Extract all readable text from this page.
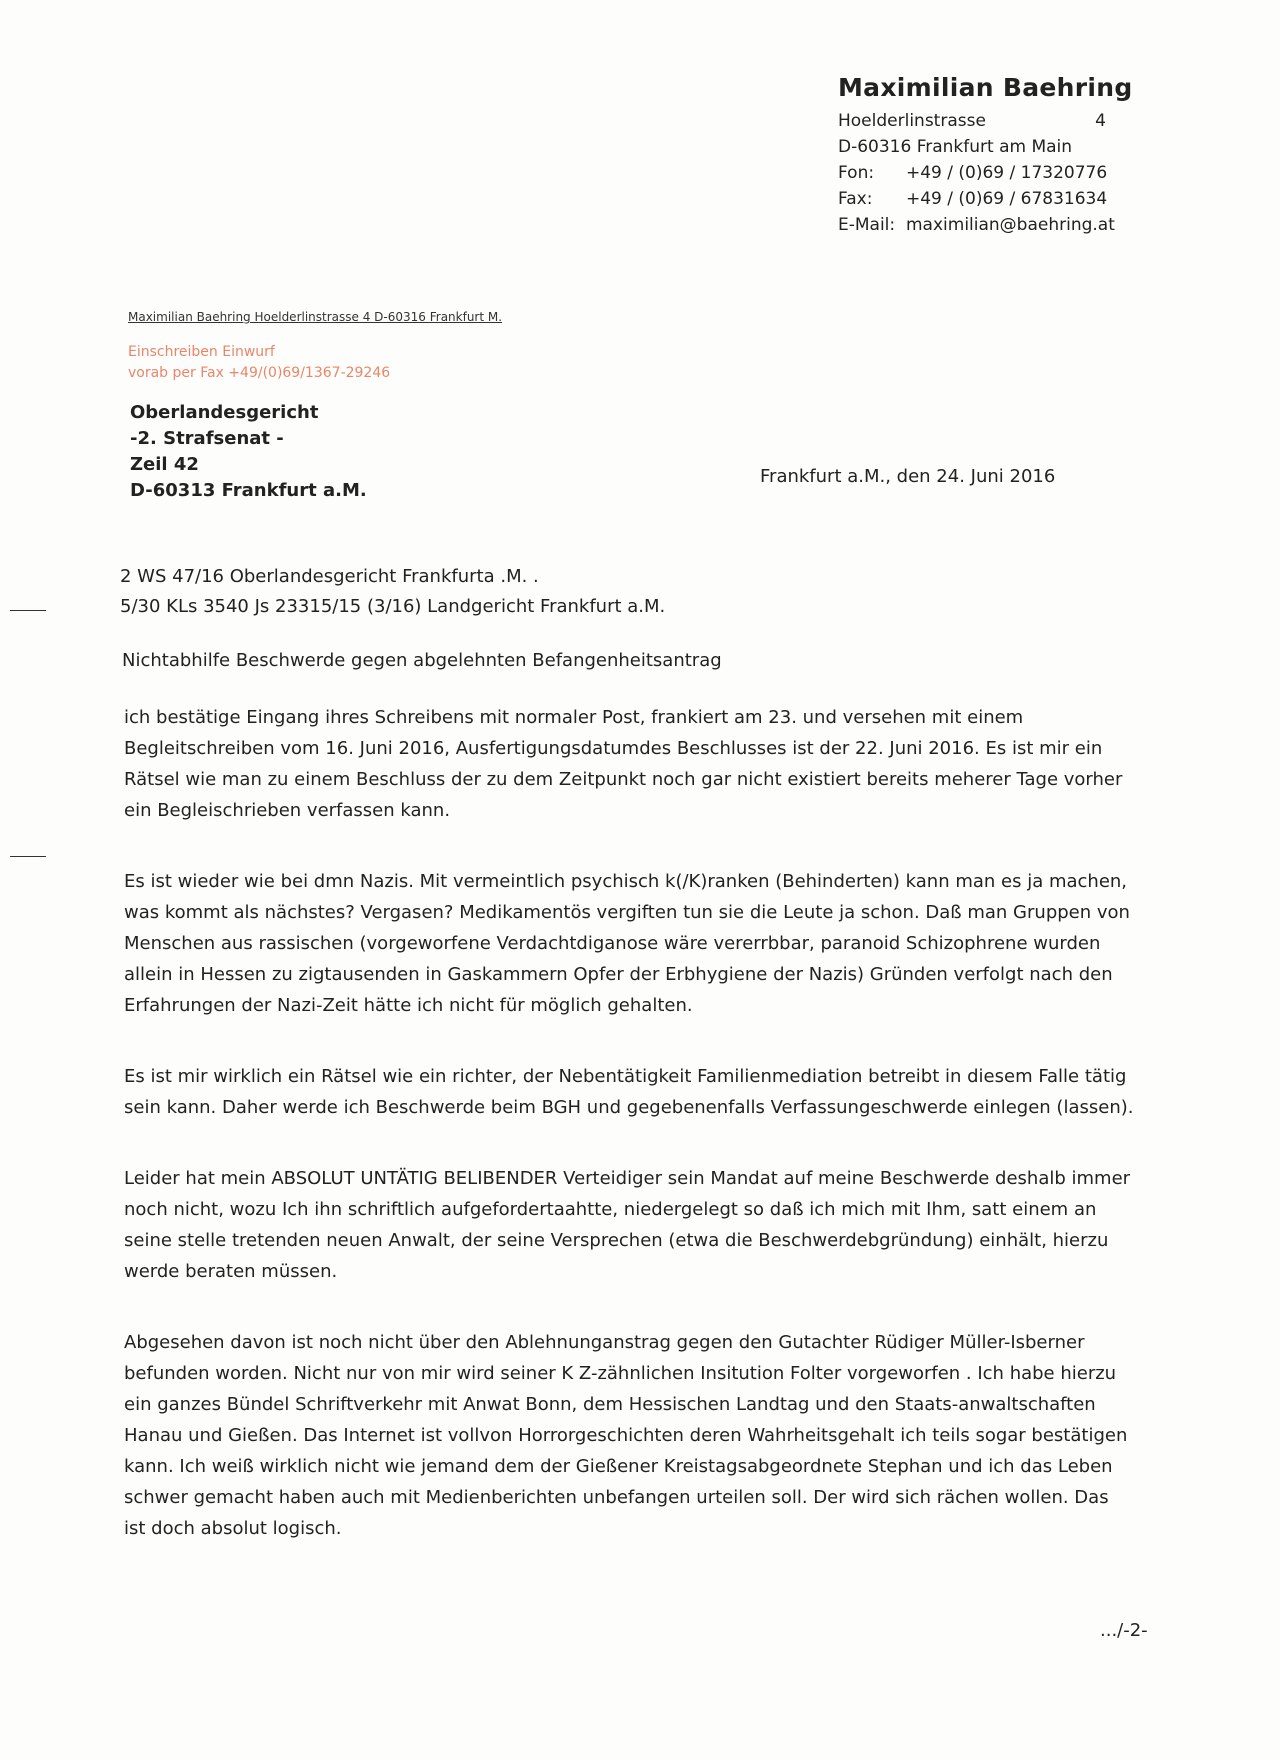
Maximilian Baehring
Hoelderlinstrasse	4
D-60316 Frankfurt am Main
Fon:	+49 / (0)69 / 17320776
Fax:	+49 / (0)69 / 67831634
E-Mail: maximilian@baehring.at
Maximilian Baehring Hoelderlinstrasse 4 D-60316 Frankfurt M.
Einschreiben Einwurf
vorab per Fax +49/(0)69/1367-29246
Oberlandesgericht
-2. Strafsenat -
Zeil 42
D-60313 Frankfurt a.M.
Frankfurt a.M., den 24. Juni 2016
2 WS 47/16 Oberlandesgericht Frankfurta .M. .
5/30 KLs 3540 Js 23315/15 (3/16) Landgericht Frankfurt a.M.
Nichtabhilfe Beschwerde gegen abgelehnten Befangenheitsantrag

ich bestätige Eingang ihres Schreibens mit normaler Post, frankiert am 23. und versehen mit einem Begleitschreiben vom 16. Juni 2016, Ausfertigungsdatumdes Beschlusses ist der 22. Juni 2016. Es ist mir ein Rätsel wie man zu einem Beschluss der zu dem Zeitpunkt noch gar nicht existiert bereits meherer Tage vorher ein Begleischrieben verfassen kann.

Es ist wieder wie bei dmn Nazis. Mit vermeintlich psychisch k(/K)ranken (Behinderten) kann man es ja machen, was kommt als nächstes? Vergasen? Medikamentös vergiften tun sie die Leute ja schon. Daß man Gruppen von Menschen aus rassischen (vorgeworfene Verdachtdiganose wäre vererrbbar, paranoid Schizophrene wurden allein in Hessen zu zigtausenden in Gaskammern Opfer der Erbhygiene der Nazis) Gründen verfolgt nach den Erfahrungen der Nazi-Zeit hätte ich nicht für möglich gehalten.

Es ist mir wirklich ein Rätsel wie ein richter, der Nebentätigkeit Familienmediation betreibt in diesem Falle tätig sein kann. Daher werde ich Beschwerde beim BGH und gegebenenfalls Verfassungeschwerde einlegen (lassen).

Leider hat mein ABSOLUT UNTÄTIG BELIBENDER Verteidiger sein Mandat auf meine Beschwerde deshalb immer noch nicht, wozu Ich ihn schriftlich aufgefordertaahtte, niedergelegt so daß ich mich mit Ihm, satt einem an seine stelle tretenden neuen Anwalt, der seine Versprechen (etwa die Beschwerdebgründung) einhält, hierzu werde beraten müssen.

Abgesehen davon ist noch nicht über den Ablehnunganstrag gegen den Gutachter Rüdiger Müller-Isberner befunden worden. Nicht nur von mir wird seiner K Z-zähnlichen Insitution Folter vorgeworfen . Ich habe hierzu ein ganzes Bündel Schriftverkehr mit Anwat Bonn, dem Hessischen Landtag und den Staats-anwaltschaften Hanau und Gießen. Das Internet ist vollvon Horrorgeschichten deren Wahrheitsgehalt ich teils sogar bestätigen kann. Ich weiß wirklich nicht wie jemand dem der Gießener Kreistagsabgeordnete Stephan und ich das Leben schwer gemacht haben auch mit Medienberichten unbefangen urteilen soll. Der wird sich rächen wollen. Das ist doch absolut logisch.

.../-2-
